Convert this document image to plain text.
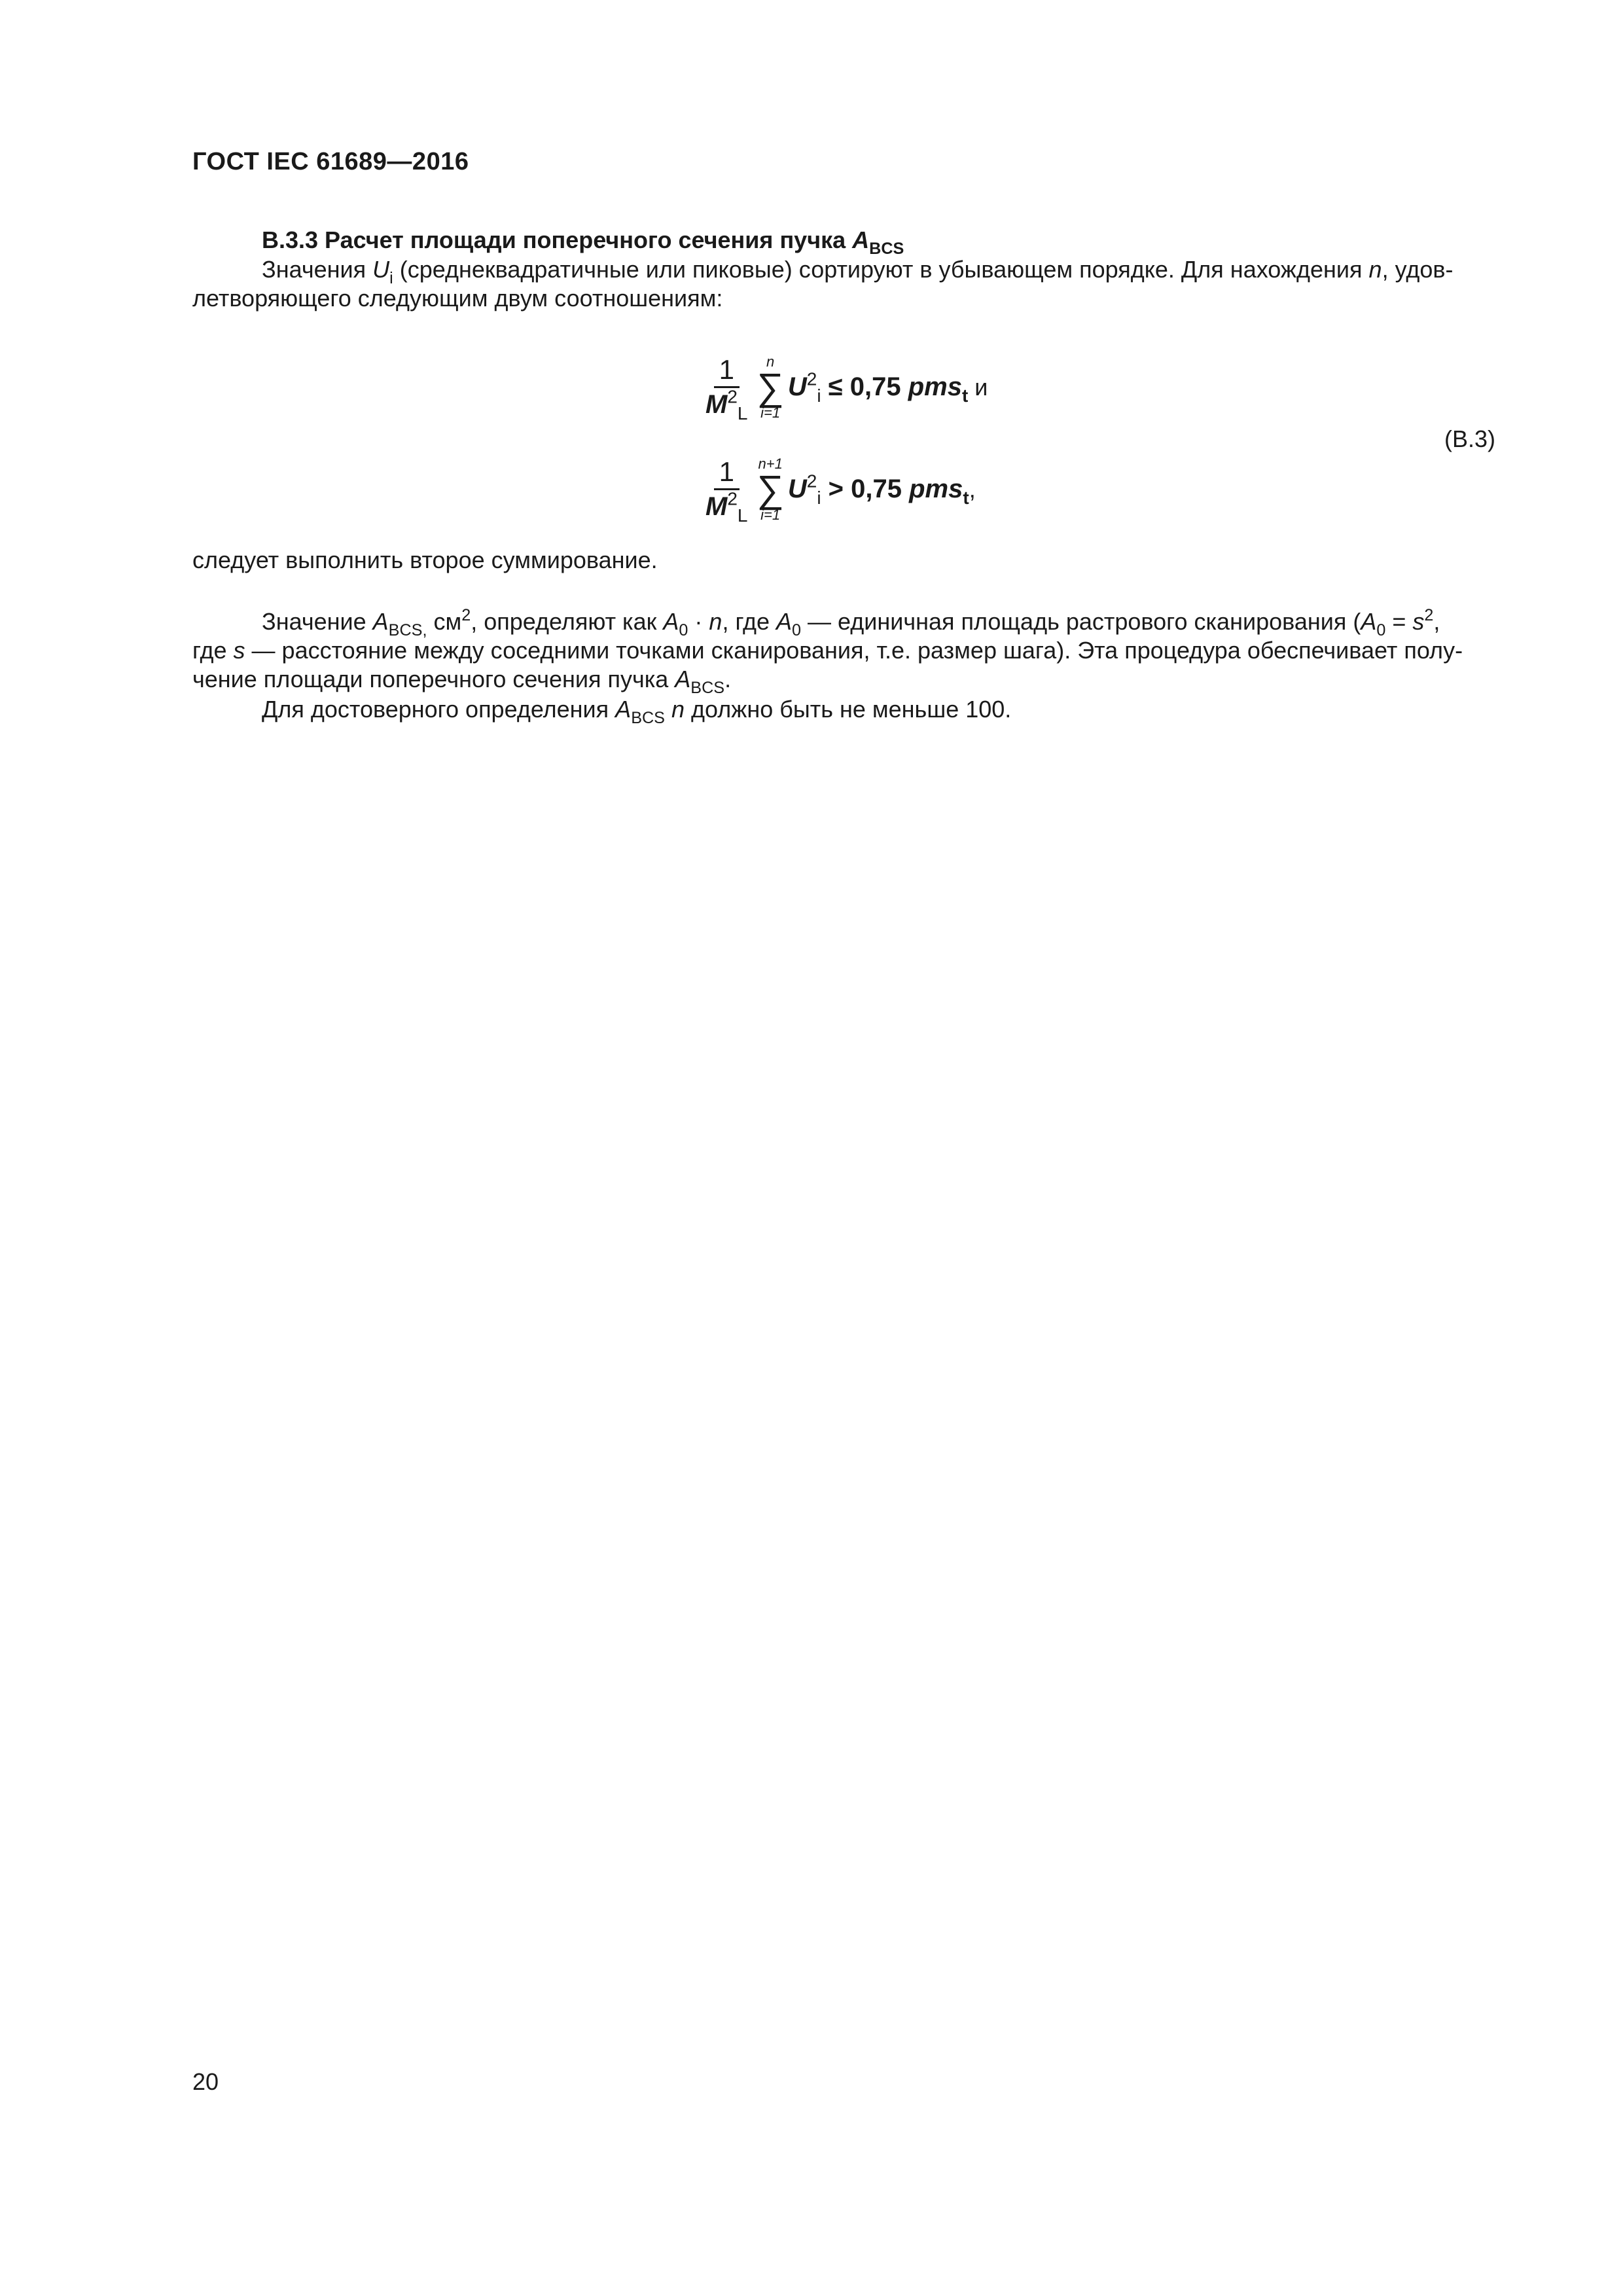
ГОСТ IEC 61689—2016
B.3.3 Расчет площади поперечного сечения пучка $A_{BCS}$
Значения $U_i$ (среднеквадратичные или пиковые) сортируют в убывающем порядке. Для нахождения n, удов-
летворяющего следующим двум соотношениям:
$\frac{1}{M^2_L}$ n
∑
i=1
$U^2_i \le 0,75$ pms$_t$ и
(B.3)
$\frac{1}{M^2_L} n+1$
∑
i=1
$U^2_i > 0,75$ pms$_t$,
следует выполнить второе суммирование.
Значение $A_{BCS,}$ $см^2$, определяют как $A_0 \cdot n$, где $A_0$ — единичная площадь растрового сканирования ($A_0 = s^2$,
где s — расстояние между соседними точками сканирования, т.е. размер шага). Эта процедура обеспечивает полу-
чение площади поперечного сечения пучка $A_{BCS}$.
Для достоверного определения $A_{BCS}$ n должно быть не меньше 100.
20
